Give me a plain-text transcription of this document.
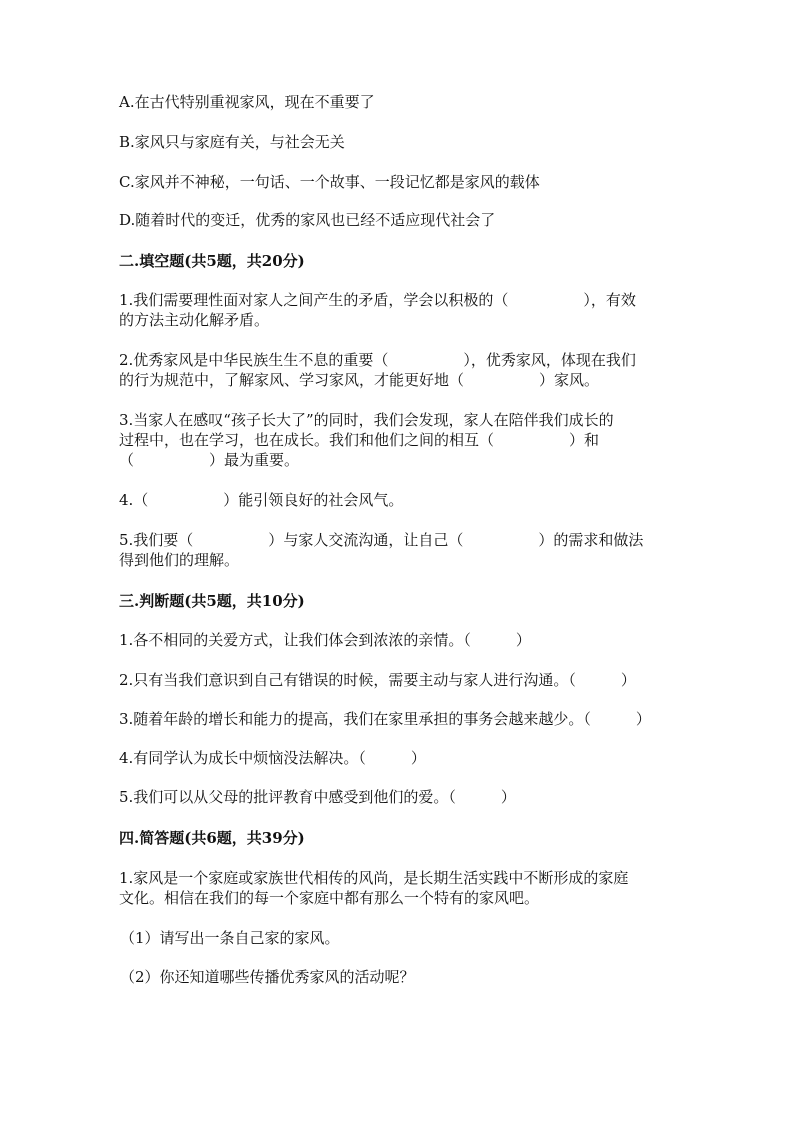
A.在古代特别重视家风，现在不重要了
B.家风只与家庭有关，与社会无关
C.家风并不神秘，一句话、一个故事、一段记忆都是家风的载体
D.随着时代的变迁，优秀的家风也已经不适应现代社会了
二.填空题(共5题，共20分)
1.我们需要理性面对家人之间产生的矛盾，学会以积极的（　　　　　），有效
的方法主动化解矛盾。
2.优秀家风是中华民族生生不息的重要（　　　　　），优秀家风，体现在我们
的行为规范中，了解家风、学习家风，才能更好地（　　　　　）家风。
3.当家人在感叹“孩子长大了”的同时，我们会发现，家人在陪伴我们成长的
过程中，也在学习，也在成长。我们和他们之间的相互（　　　　　）和
（　　　　　）最为重要。
4.（　　　　　）能引领良好的社会风气。
5.我们要（　　　　　）与家人交流沟通，让自己（　　　　　）的需求和做法
得到他们的理解。
三.判断题(共5题，共10分)
1.各不相同的关爱方式，让我们体会到浓浓的亲情。（　　　）
2.只有当我们意识到自己有错误的时候，需要主动与家人进行沟通。（　　　）
3.随着年龄的增长和能力的提高，我们在家里承担的事务会越来越少。（　　　）
4.有同学认为成长中烦恼没法解决。（　　　）
5.我们可以从父母的批评教育中感受到他们的爱。（　　　）
四.简答题(共6题，共39分)
1.家风是一个家庭或家族世代相传的风尚，是长期生活实践中不断形成的家庭
文化。相信在我们的每一个家庭中都有那么一个特有的家风吧。
（1）请写出一条自己家的家风。
（2）你还知道哪些传播优秀家风的活动呢？
